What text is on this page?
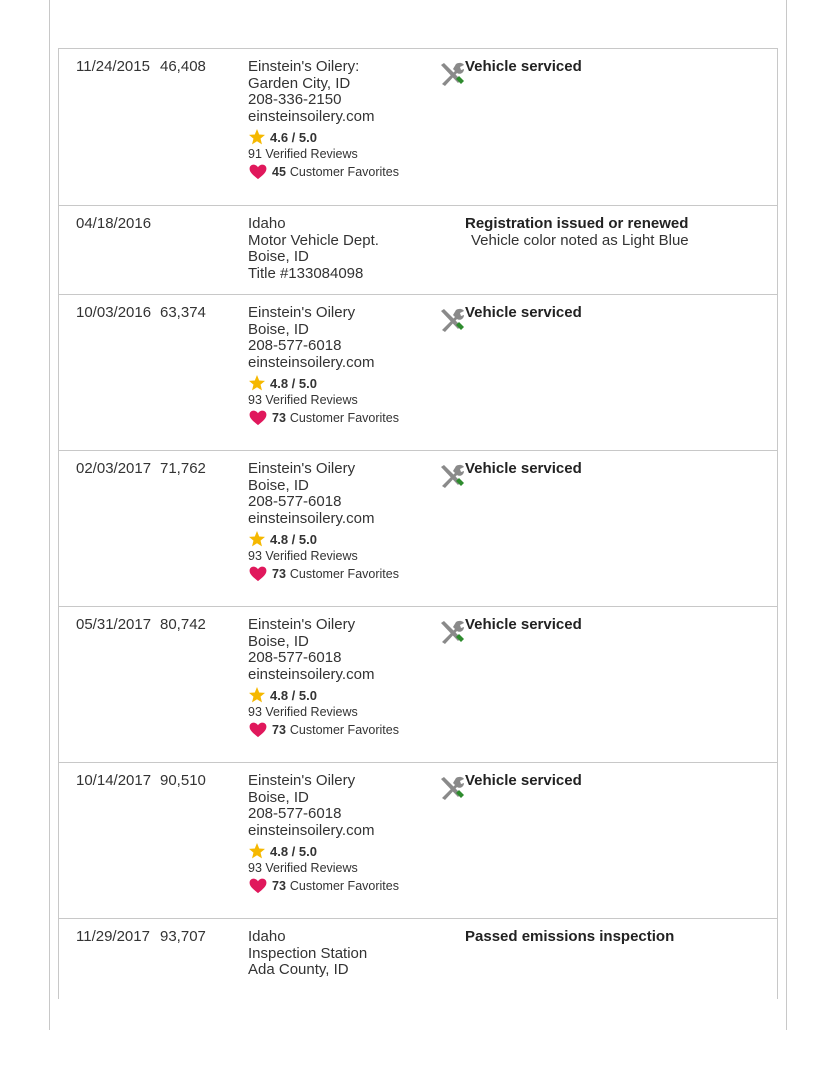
11/24/2015 46,408	Einstein's Oilery:
Garden City, ID
208-336-2150
einsteinsoilery.com
4.6 / 5.0
91 Verified Reviews
45 Customer Favorites
Vehicle serviced
04/18/2016	Idaho
Motor Vehicle Dept.
Boise, ID
Title #133084098
Registration issued or renewed
Vehicle color noted as Light Blue
10/03/2016 63,374	Einstein's Oilery
Boise, ID
208-577-6018
einsteinsoilery.com
4.8 / 5.0
93 Verified Reviews
73 Customer Favorites
Vehicle serviced
02/03/2017 71,762	Einstein's Oilery
Boise, ID
208-577-6018
einsteinsoilery.com
4.8 / 5.0
93 Verified Reviews
73 Customer Favorites
Vehicle serviced
05/31/2017 80,742	Einstein's Oilery
Boise, ID
208-577-6018
einsteinsoilery.com
4.8 / 5.0
93 Verified Reviews
73 Customer Favorites
Vehicle serviced
10/14/2017 90,510	Einstein's Oilery
Boise, ID
208-577-6018
einsteinsoilery.com
4.8 / 5.0
93 Verified Reviews
73 Customer Favorites
Vehicle serviced
11/29/2017 93,707	Idaho
Inspection Station
Ada County, ID
Passed emissions inspection
